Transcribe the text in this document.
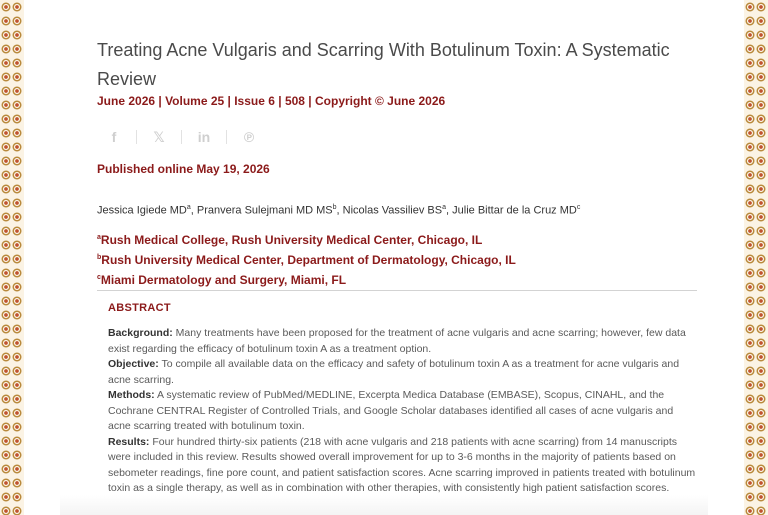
Treating Acne Vulgaris and Scarring With Botulinum Toxin: A Systematic Review

June 2026 | Volume 25 | Issue 6 | 508 | Copyright © June 2026

f	𝕏 in ℗

Published online May 19, 2026

Jessica Igiede $MD^a$, Pranvera Sulejmani MD $MS^b$, Nicolas Vassiliev $BS^a$, Julie Bittar de la Cruz $MD^c$

$^a$Rush Medical College, Rush University Medical Center, Chicago, IL

$^b$Rush University Medical Center, Department of Dermatology, Chicago, IL

$^c$Miami Dermatology and Surgery, Miami, FL

ABSTRACT

Background: Many treatments have been proposed for the treatment of acne vulgaris and acne scarring; however, few data exist regarding the efficacy of botulinum toxin A as a treatment option.

Objective: To compile all available data on the efficacy and safety of botulinum toxin A as a treatment for acne vulgaris and acne scarring.

Methods: A systematic review of PubMed/MEDLINE, Excerpta Medica Database (EMBASE), Scopus, CINAHL, and the Cochrane CENTRAL Register of Controlled Trials, and Google Scholar databases identified all cases of acne vulgaris and acne scarring treated with botulinum toxin.

Results: Four hundred thirty-six patients (218 with acne vulgaris and 218 patients with acne scarring) from 14 manuscripts were included in this review. Results showed overall improvement for up to 3-6 months in the majority of patients based on sebometer readings, fine pore count, and patient satisfaction scores. Acne scarring improved in patients treated with botulinum toxin as a single therapy, as well as in combination with other therapies, with consistently high patient satisfaction scores.
